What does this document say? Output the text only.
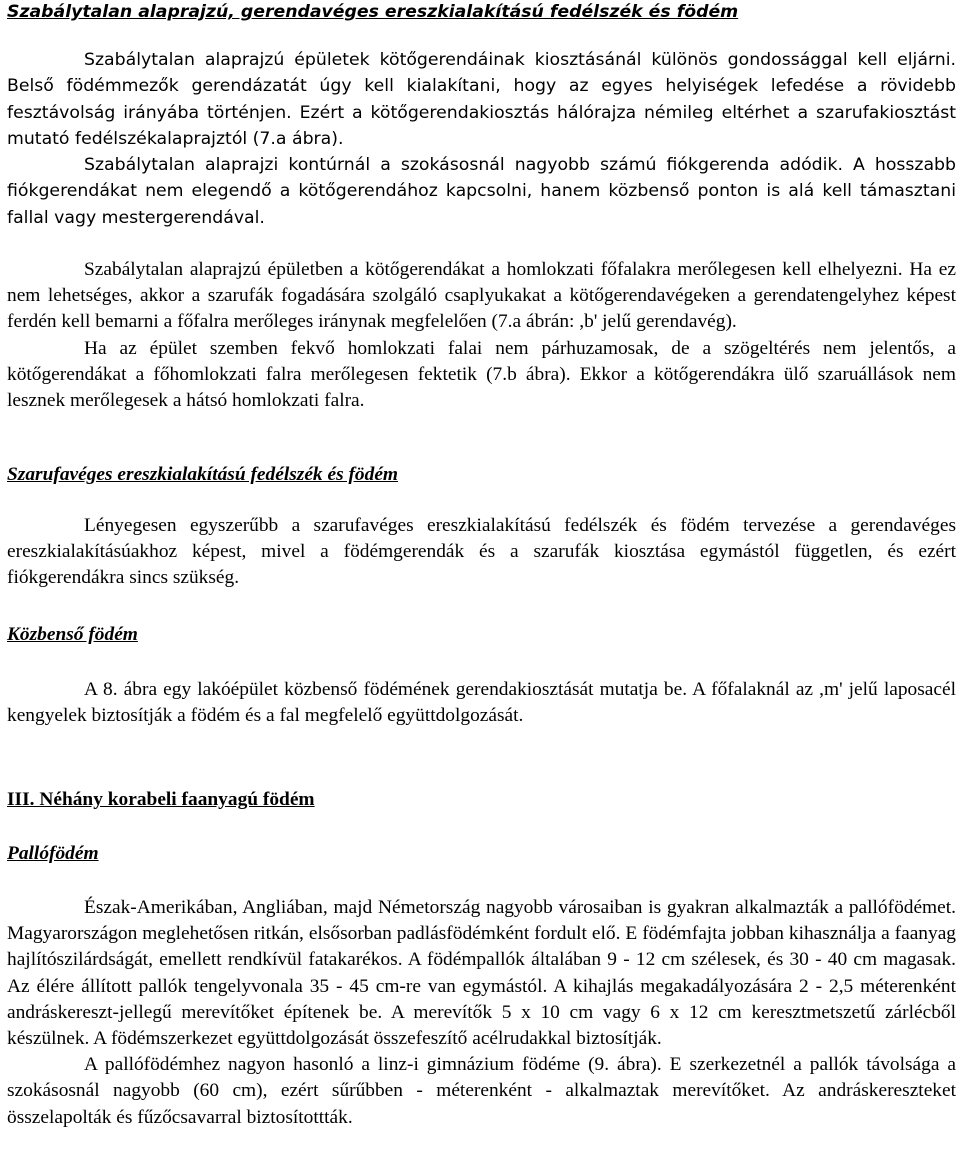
Szabálytalan alaprajzú, gerendavéges ereszkialakítású fedélszék és födém

Szabálytalan alaprajzú épületek kötőgerendáinak kiosztásánál különös gondossággal kell eljárni. Belső födémmezők gerendázatát úgy kell kialakítani, hogy az egyes helyiségek lefedése a rövidebb fesztávolság irányába történjen. Ezért a kötőgerendakiosztás hálórajza némileg eltérhet a szarufakiosztást mutató fedélszékalaprajztól (7.a ábra).

Szabálytalan alaprajzi kontúrnál a szokásosnál nagyobb számú fiókgerenda adódik. A hosszabb fiókgerendákat nem elegendő a kötőgerendához kapcsolni, hanem közbenső ponton is alá kell támasztani fallal vagy mestergerendával.

Szabálytalan alaprajzú épületben a kötőgerendákat a homlokzati főfalakra merőlegesen kell elhelyezni. Ha ez nem lehetséges, akkor a szarufák fogadására szolgáló csaplyukakat a kötőgerendavégeken a gerendatengelyhez képest ferdén kell bemarni a főfalra merőleges iránynak megfelelően (7.a ábrán: ,b' jelű gerendavég).

Ha az épület szemben fekvő homlokzati falai nem párhuzamosak, de a szögeltérés nem jelentős, a kötőgerendákat a főhomlokzati falra merőlegesen fektetik (7.b ábra). Ekkor a kötőgerendákra ülő szaruállások nem lesznek merőlegesek a hátsó homlokzati falra.

Szarufavéges ereszkialakítású fedélszék és födém

Lényegesen egyszerűbb a szarufavéges ereszkialakítású fedélszék és födém tervezése a gerendavéges ereszkialakításúakhoz képest, mivel a födémgerendák és a szarufák kiosztása egymástól független, és ezért fiókgerendákra sincs szükség.

Közbenső födém

A 8. ábra egy lakóépület közbenső födémének gerendakiosztását mutatja be. A főfalaknál az ,m' jelű laposacél kengyelek biztosítják a födém és a fal megfelelő együttdolgozását.

III. Néhány korabeli faanyagú födém
Pallófödém

Észak-Amerikában, Angliában, majd Németország nagyobb városaiban is gyakran alkalmazták a pallófödémet. Magyarországon meglehetősen ritkán, elsősorban padlásfödémként fordult elő. E födémfajta jobban kihasználja a faanyag hajlítószilárdságát, emellett rendkívül fatakarékos. A födémpallók általában 9 - 12 cm szélesek, és 30 - 40 cm magasak. Az élére állított pallók tengelyvonala 35 - 45 cm-re van egymástól. A kihajlás megakadályozására 2 - 2,5 méterenként andráskereszt-jellegű merevítőket építenek be. A merevítők 5 x 10 cm vagy 6 x 12 cm keresztmetszetű zárlécből készülnek. A födémszerkezet együttdolgozását összefeszítő acélrudakkal biztosítják.

A pallófödémhez nagyon hasonló a linz-i gimnázium födéme (9. ábra). E szerkezetnél a pallók távolsága a szokásosnál nagyobb (60 cm), ezért sűrűbben - méterenként - alkalmaztak merevítőket. Az andráskereszteket összelapolták és fűzőcsavarral biztosítottták.
